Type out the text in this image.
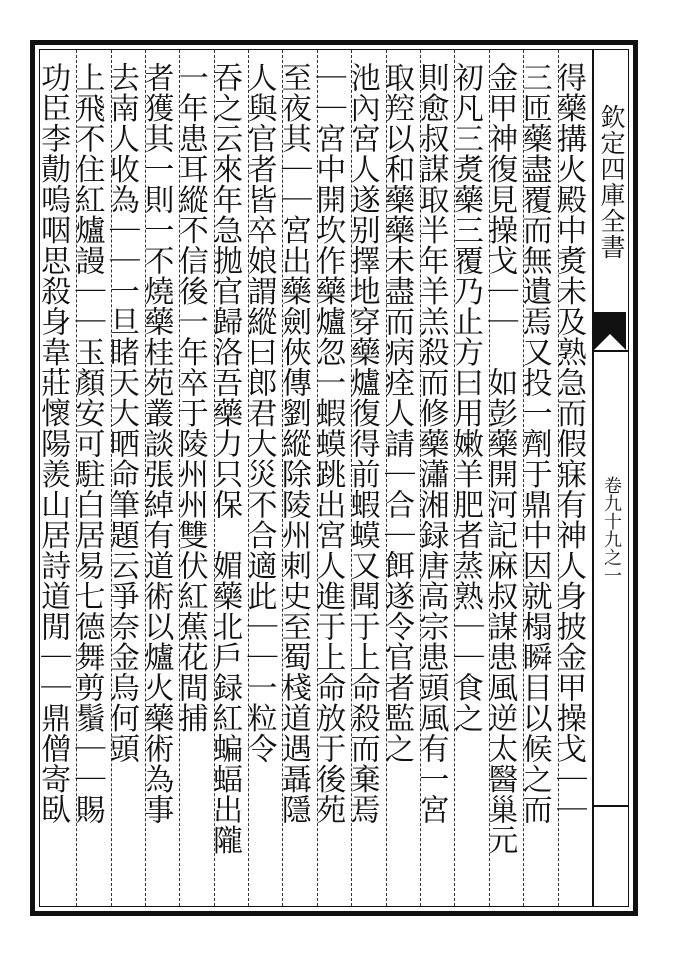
欽定四庫全書
卷九十九之一
得藥搆火殿中煑未及熟急而假寐有神人身披金甲操戈｜｜
三匝藥盡覆而無遺焉又投一劑于鼎中因就榻瞬目以候之而
金甲神復見操戈｜｜　如彭藥開河記麻叔謀患風逆太醫巢元
初凡三煑藥三覆乃止方曰用嫩羊肥者蒸熟｜｜食之
則愈叔謀取半年羊羔殺而修藥瀟湘録唐高宗患頭風有一宮
取羫以和藥藥未盡而病痊人請｜合｜餌遂令官者監之
池內宮人遂别擇地穿藥爐復得前蝦蟆又聞于上命殺而棄焉
｜｜宮中開坎作藥爐忽一蝦蟆跳出宮人進于上命放于後苑
至夜其｜｜宮出藥劍俠傳劉縱除陵州刺史至蜀棧道遇聶隱
人與官者皆卒娘謂縱曰郎君大災不合適此｜｜一粒令
吞之云來年急拋官歸洛吾藥力只保　媚藥北戶録紅蝙蝠出隴
一年患耳縱不信後一年卒于陵州州雙伏紅蕉花間捕
者獲其一則一不燒藥桂苑叢談張綽有道術以爐火藥術為事
去南人收為｜｜一旦睹天大晒命筆題云爭奈金烏何頭
上飛不住紅爐謾｜｜玉顏安可駐白居易七德舞剪鬚｜｜賜
功臣李勣嗚咽思殺身韋莊懷陽羨山居詩道閒｜｜鼎僧寄臥
